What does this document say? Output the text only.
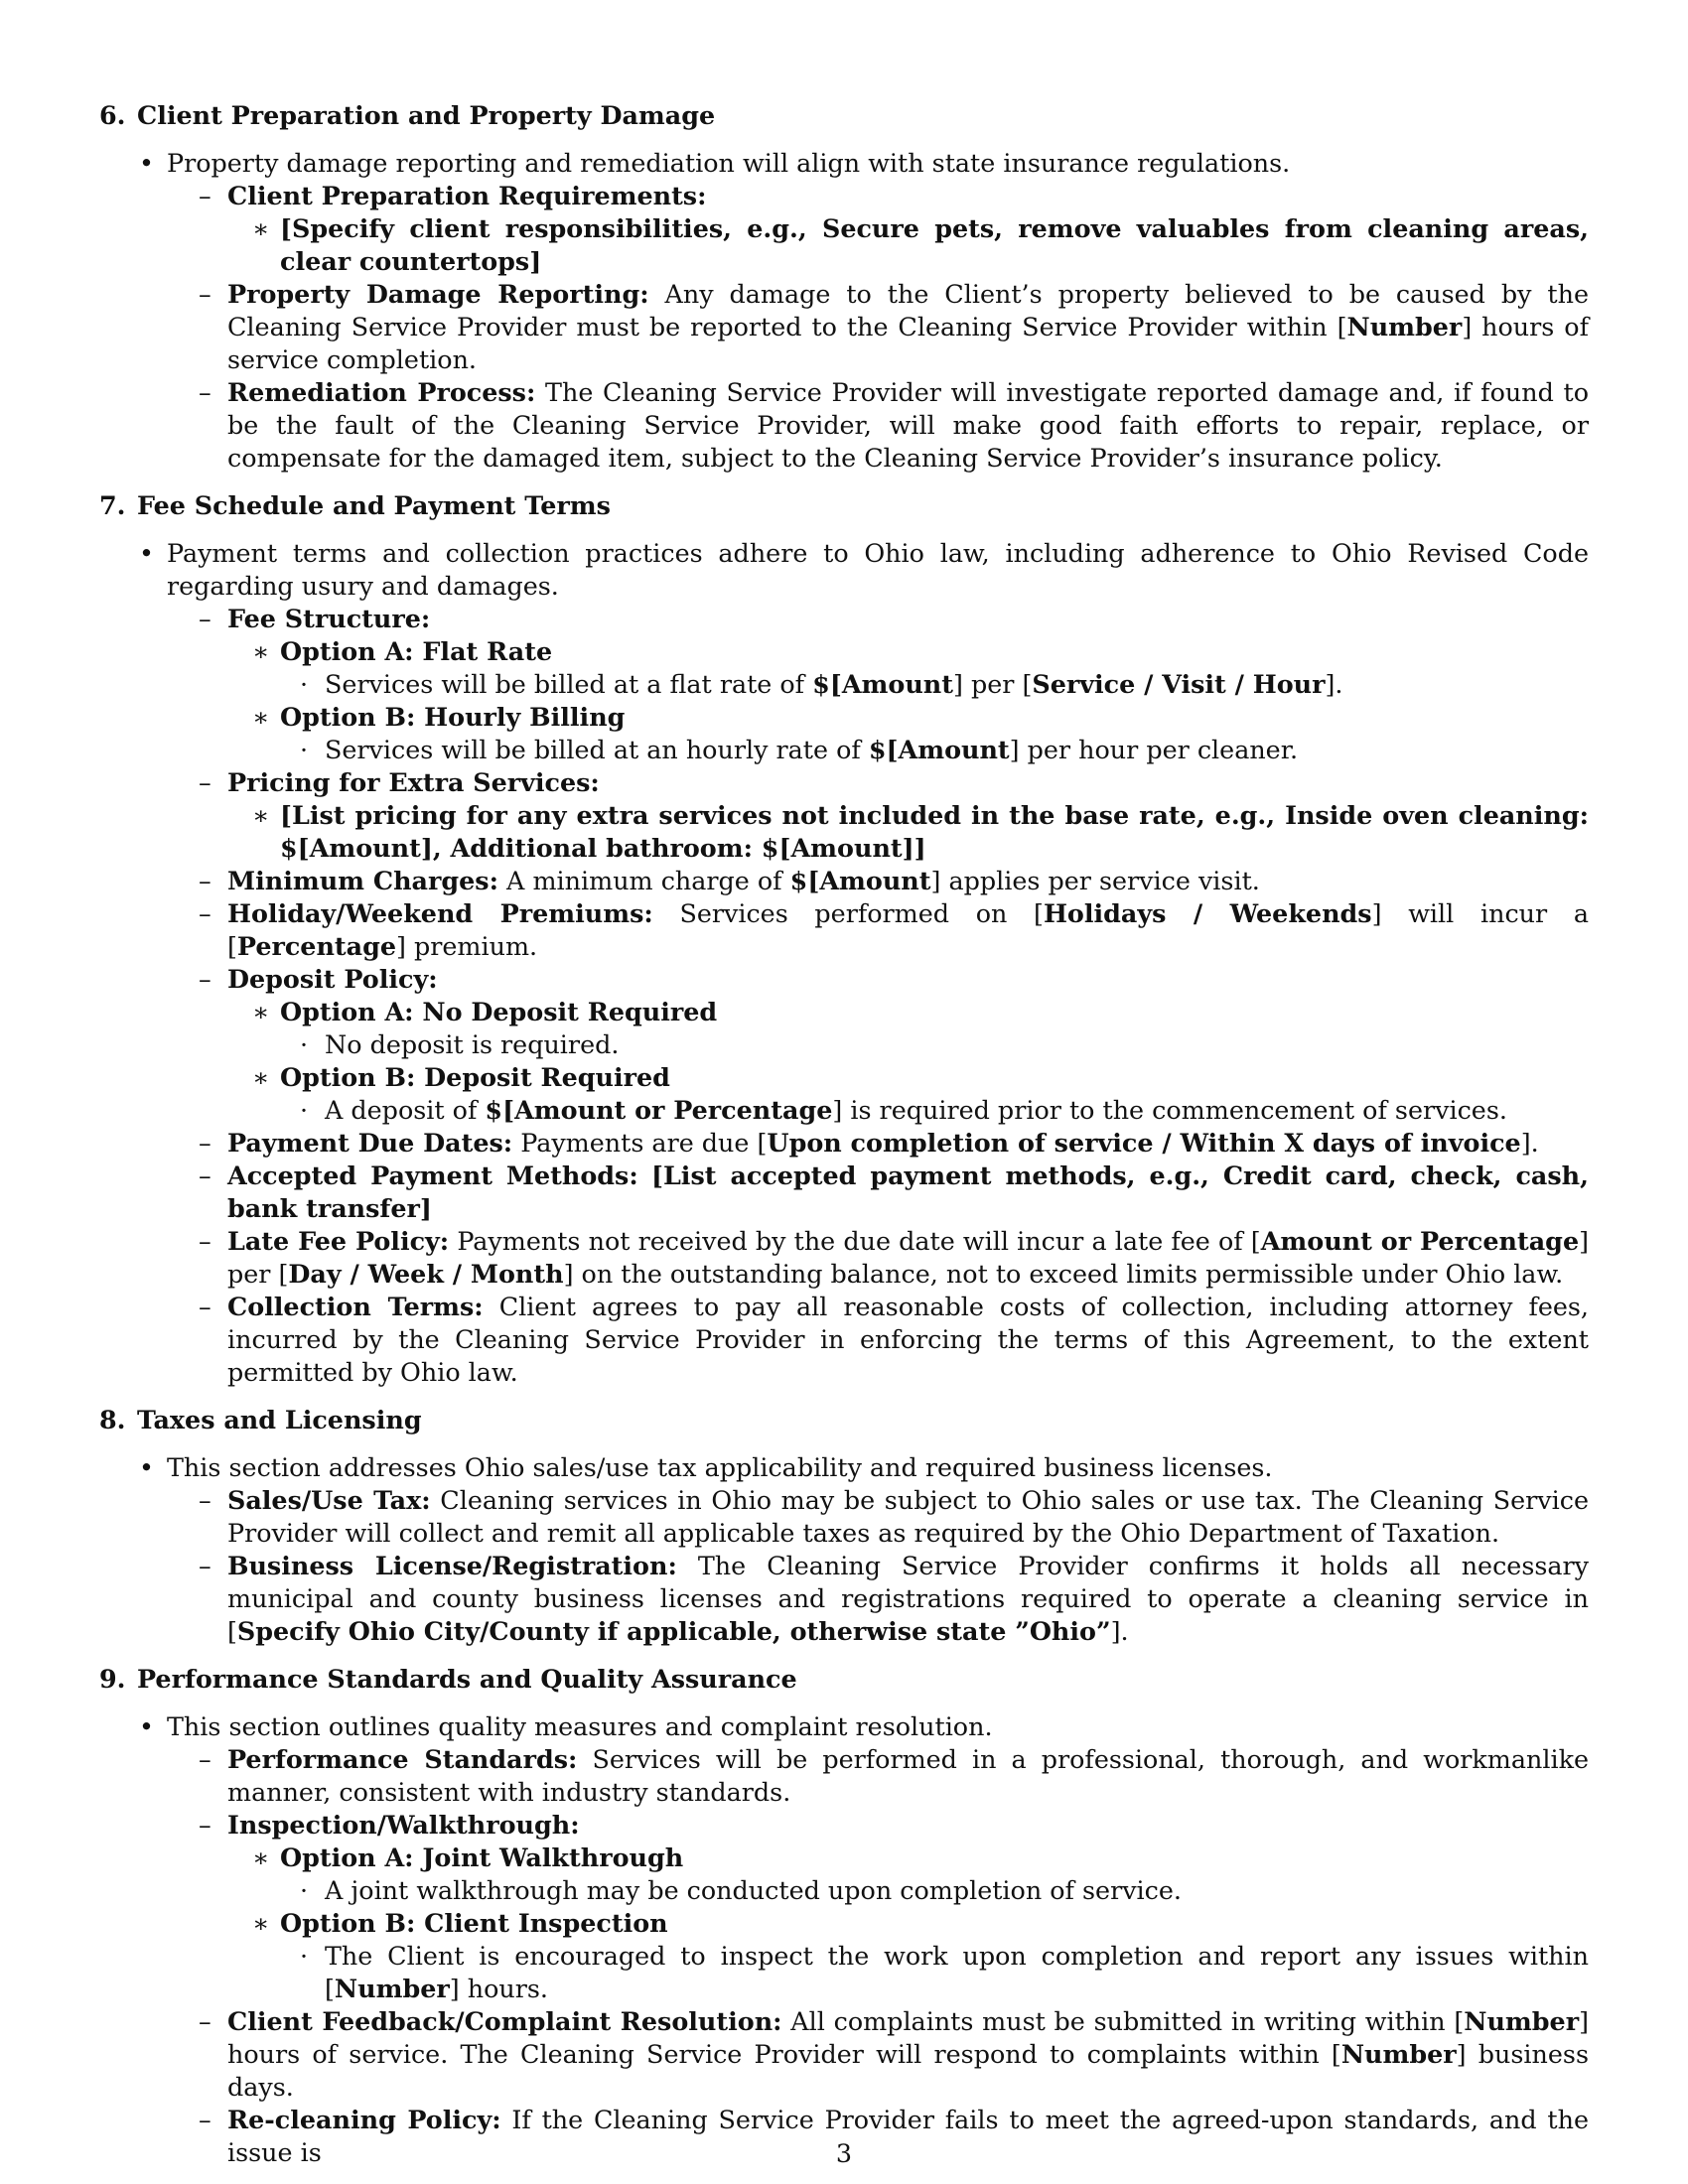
6. Client Preparation and Property Damage
• Property damage reporting and remediation will align with state insurance regulations.
– Client Preparation Requirements:
∗ [Specify client responsibilities, e.g., Secure pets, remove valuables from cleaning areas, clear countertops]
– Property Damage Reporting: Any damage to the Client’s property believed to be caused by the Cleaning Service Provider must be reported to the Cleaning Service Provider within [Number] hours of service completion.
– Remediation Process: The Cleaning Service Provider will investigate reported damage and, if found to be the fault of the Cleaning Service Provider, will make good faith efforts to repair, replace, or compensate for the damaged item, subject to the Cleaning Service Provider’s insurance policy.
7. Fee Schedule and Payment Terms
• Payment terms and collection practices adhere to Ohio law, including adherence to Ohio Revised Code regarding usury and damages.
– Fee Structure:
∗ Option A: Flat Rate
· Services will be billed at a flat rate of $[Amount] per [Service / Visit / Hour].
∗ Option B: Hourly Billing
· Services will be billed at an hourly rate of $[Amount] per hour per cleaner.
– Pricing for Extra Services:
∗ [List pricing for any extra services not included in the base rate, e.g., Inside oven cleaning: $[Amount], Additional bathroom: $[Amount]]
– Minimum Charges: A minimum charge of $[Amount] applies per service visit.
– Holiday/Weekend Premiums: Services performed on [Holidays / Weekends] will incur a [Percentage] premium.
– Deposit Policy:
∗ Option A: No Deposit Required
· No deposit is required.
∗ Option B: Deposit Required
· A deposit of $[Amount or Percentage] is required prior to the commencement of services.
– Payment Due Dates: Payments are due [Upon completion of service / Within X days of invoice].
– Accepted Payment Methods: [List accepted payment methods, e.g., Credit card, check, cash, bank transfer]
– Late Fee Policy: Payments not received by the due date will incur a late fee of [Amount or Percentage] per [Day / Week / Month] on the outstanding balance, not to exceed limits permissible under Ohio law.
– Collection Terms: Client agrees to pay all reasonable costs of collection, including attorney fees, incurred by the Cleaning Service Provider in enforcing the terms of this Agreement, to the extent permitted by Ohio law.
8. Taxes and Licensing
• This section addresses Ohio sales/use tax applicability and required business licenses.
– Sales/Use Tax: Cleaning services in Ohio may be subject to Ohio sales or use tax. The Cleaning Service Provider will collect and remit all applicable taxes as required by the Ohio Department of Taxation.
– Business License/Registration: The Cleaning Service Provider confirms it holds all necessary municipal and county business licenses and registrations required to operate a cleaning service in [Specify Ohio City/County if applicable, otherwise state ”Ohio”].
9. Performance Standards and Quality Assurance
• This section outlines quality measures and complaint resolution.
– Performance Standards: Services will be performed in a professional, thorough, and workmanlike manner, consistent with industry standards.
– Inspection/Walkthrough:
∗ Option A: Joint Walkthrough
· A joint walkthrough may be conducted upon completion of service.
∗ Option B: Client Inspection
· The Client is encouraged to inspect the work upon completion and report any issues within [Number] hours.
– Client Feedback/Complaint Resolution: All complaints must be submitted in writing within [Number] hours of service. The Cleaning Service Provider will respond to complaints within [Number] business days.
– Re-cleaning Policy: If the Cleaning Service Provider fails to meet the agreed-upon standards, and the issue is	3
